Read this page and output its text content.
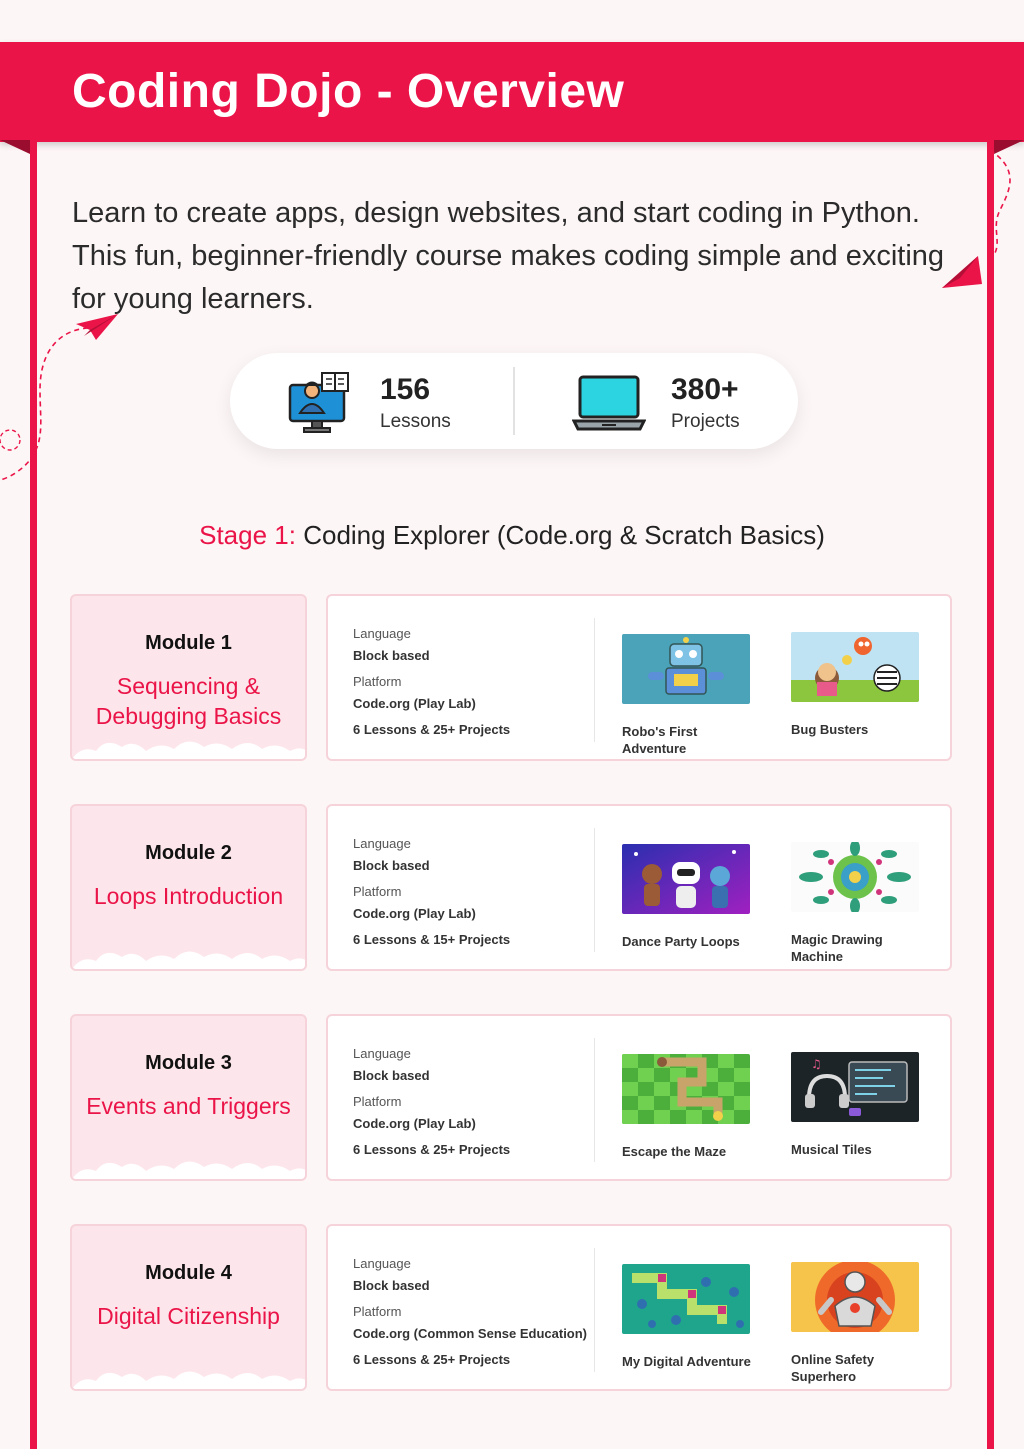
Coding Dojo - Overview
Learn to create apps, design websites, and start coding in Python. This fun, beginner-friendly course makes coding simple and exciting for young learners.
156
Lessons
380+
Projects
Stage 1: Coding Explorer (Code.org & Scratch Basics)
Module 1
Sequencing & Debugging Basics
Language
Block based
Platform
Code.org (Play Lab)
6 Lessons & 25+ Projects	Robo's First Adventure
Bug Busters
Module 2
Loops Introduction
Language
Block based
Platform
Code.org (Play Lab)
6 Lessons & 15+ Projects	Dance Party Loops	Magic Drawing Machine
Module 3
Events and Triggers
Language
Block based
Platform
Code.org (Play Lab)
6 Lessons & 25+ Projects	Escape the Maze
♫
Musical Tiles
Module 4
Digital Citizenship
Language
Block based
Platform
Code.org (Common Sense Education)
6 Lessons & 25+ Projects	My Digital Adventure	Online Safety Superhero
